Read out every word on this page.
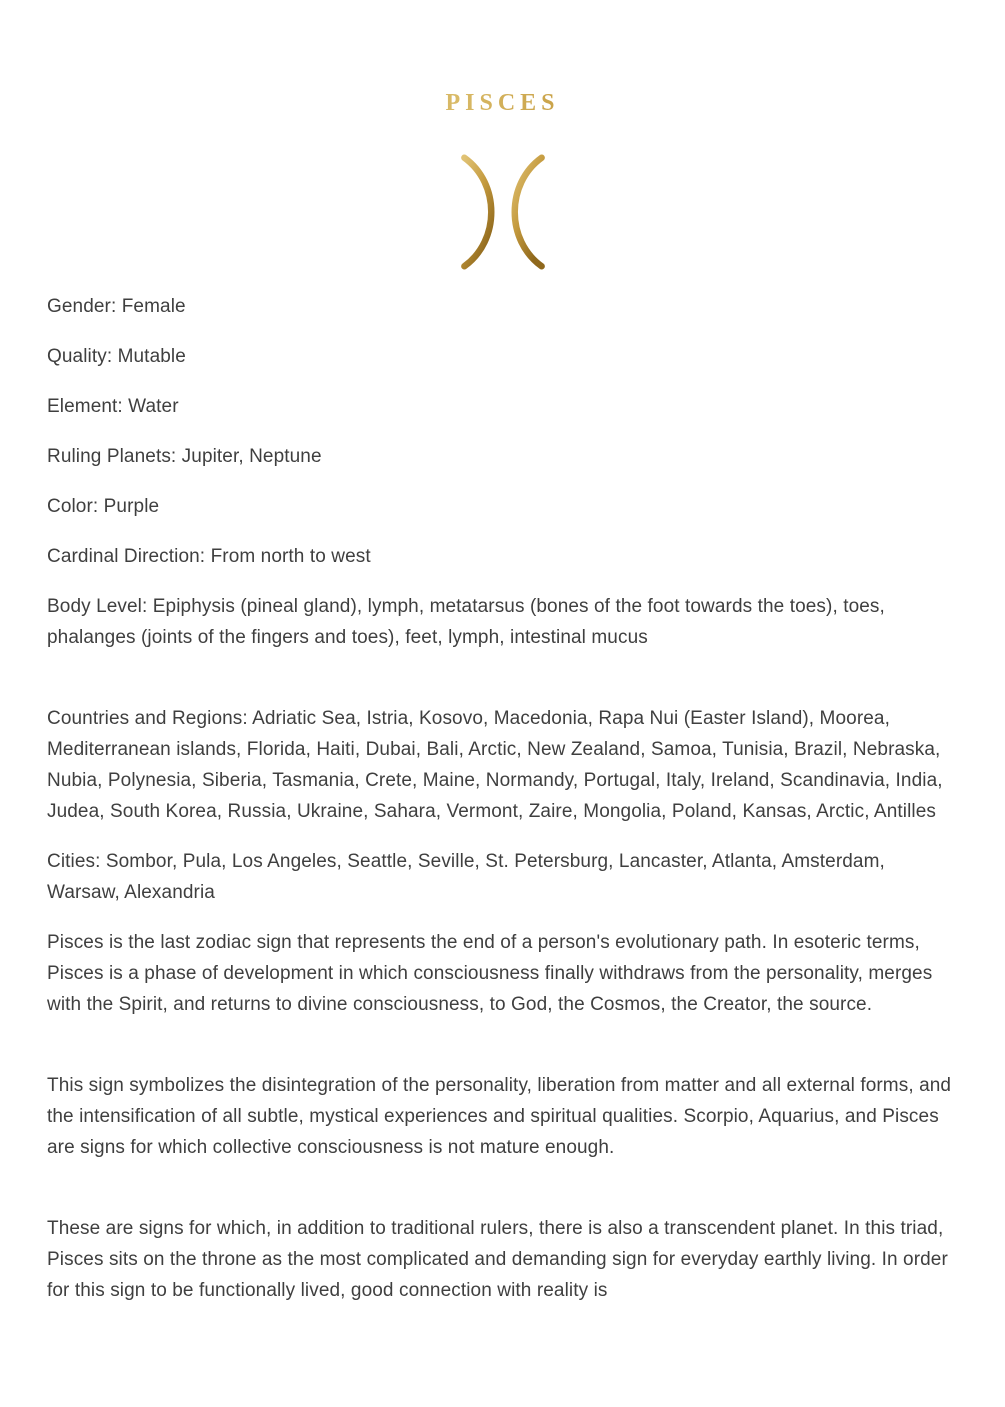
PISCES

Gender: Female

Quality: Mutable

Element: Water

Ruling Planets: Jupiter, Neptune

Color: Purple

Cardinal Direction: From north to west

Body Level: Epiphysis (pineal gland), lymph, metatarsus (bones of the foot towards the toes), toes, phalanges (joints of the fingers and toes), feet, lymph, intestinal mucus

Countries and Regions: Adriatic Sea, Istria, Kosovo, Macedonia, Rapa Nui (Easter Island), Moorea, Mediterranean islands, Florida, Haiti, Dubai, Bali, Arctic, New Zealand, Samoa, Tunisia, Brazil, Nebraska, Nubia, Polynesia, Siberia, Tasmania, Crete, Maine, Normandy, Portugal, Italy, Ireland, Scandinavia, India, Judea, South Korea, Russia, Ukraine, Sahara, Vermont, Zaire, Mongolia, Poland, Kansas, Arctic, Antilles

Cities: Sombor, Pula, Los Angeles, Seattle, Seville, St. Petersburg, Lancaster, Atlanta, Amsterdam, Warsaw, Alexandria

Pisces is the last zodiac sign that represents the end of a person's evolutionary path. In esoteric terms, Pisces is a phase of development in which consciousness finally withdraws from the personality, merges with the Spirit, and returns to divine consciousness, to God, the Cosmos, the Creator, the source.

This sign symbolizes the disintegration of the personality, liberation from matter and all external forms, and the intensification of all subtle, mystical experiences and spiritual qualities. Scorpio, Aquarius, and Pisces are signs for which collective consciousness is not mature enough.

These are signs for which, in addition to traditional rulers, there is also a transcendent planet. In this triad, Pisces sits on the throne as the most complicated and demanding sign for everyday earthly living. In order for this sign to be functionally lived, good connection with reality is
